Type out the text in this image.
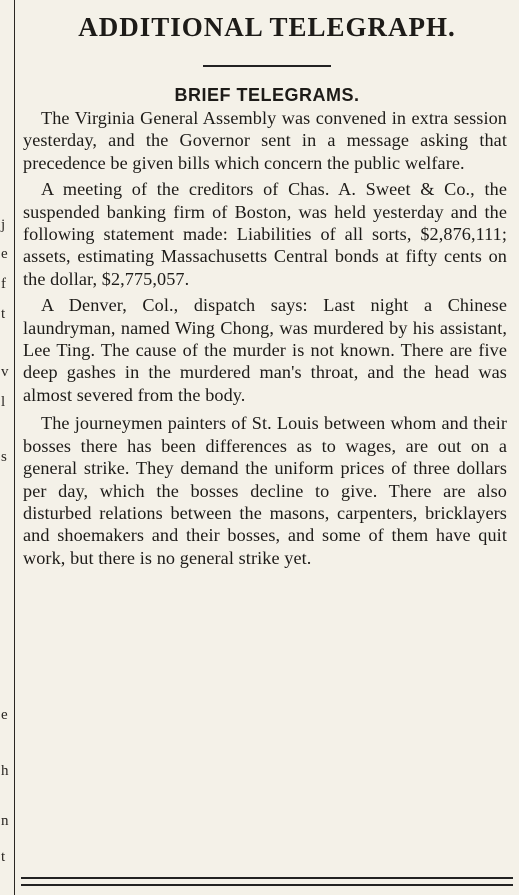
j
e
f
t
v
l
s
e
h
n
t
ADDITIONAL TELEGRAPH.
BRIEF TELEGRAMS.

The Virginia General Assembly was convened in extra session yesterday, and the Governor sent in a message asking that precedence be given bills which concern the public welfare.

A meeting of the creditors of Chas. A. Sweet & Co., the suspended banking firm of Boston, was held yesterday and the following statement made: Liabilities of all sorts, $2,876,111; assets, estimating Massachusetts Central bonds at fifty cents on the dollar, $2,775,057.

A Denver, Col., dispatch says: Last night a Chinese laundryman, named Wing Chong, was murdered by his assistant, Lee Ting. The cause of the murder is not known. There are five deep gashes in the murdered man's throat, and the head was almost severed from the body.

The journeymen painters of St. Louis between whom and their bosses there has been differences as to wages, are out on a general strike. They demand the uniform prices of three dollars per day, which the bosses decline to give. There are also disturbed relations between the masons, carpenters, bricklayers and shoemakers and their bosses, and some of them have quit work, but there is no general strike yet.
